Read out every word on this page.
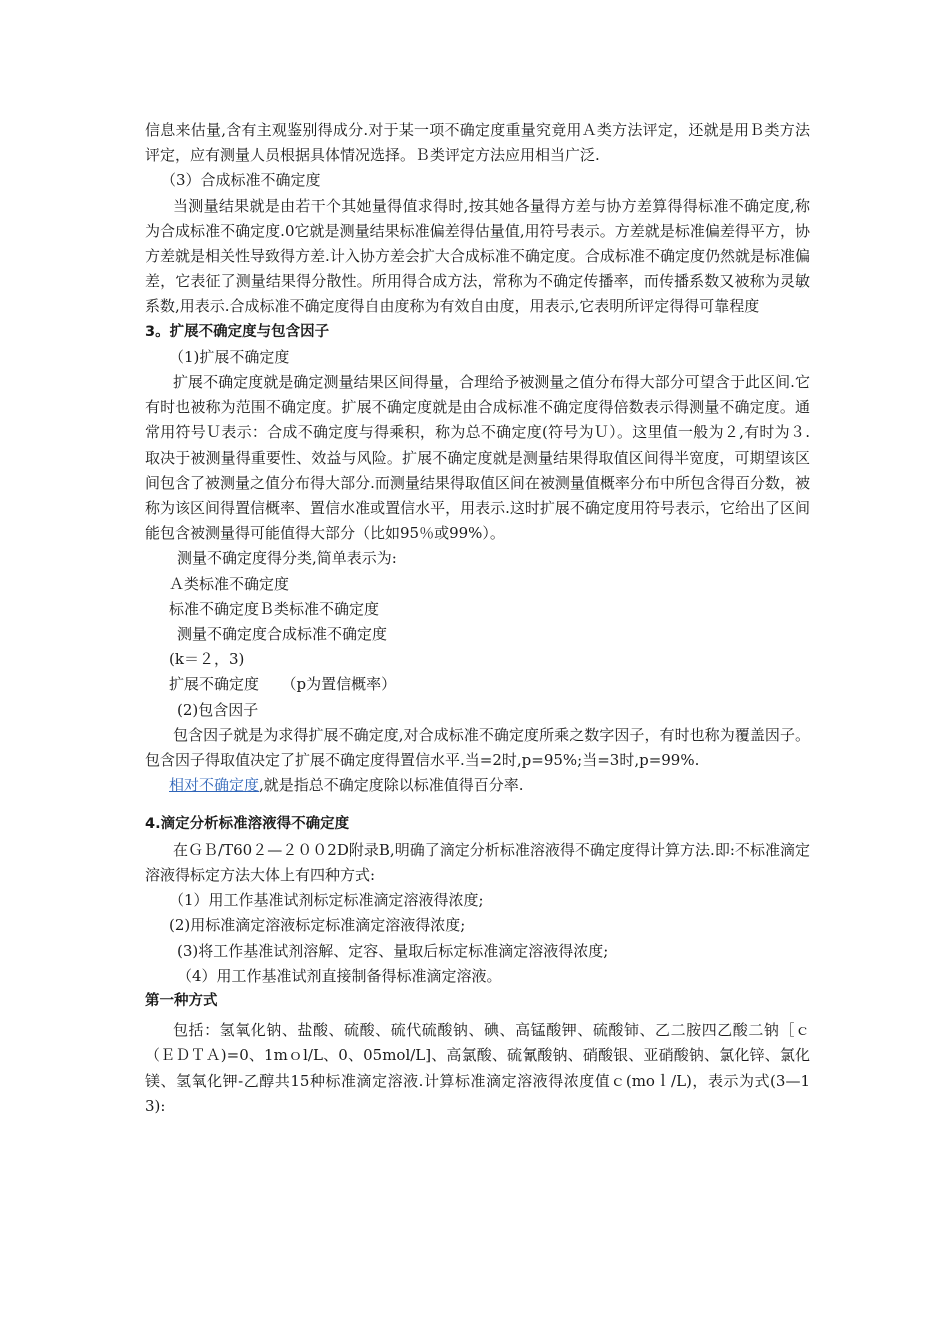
信息来估量,含有主观鉴别得成分.对于某一项不确定度重量究竟用Ａ类方法评定，还就是用Ｂ类方法评定，应有测量人员根据具体情况选择。Ｂ类评定方法应用相当广泛.

（3）合成标准不确定度

当测量结果就是由若干个其她量得值求得时,按其她各量得方差与协方差算得得标准不确定度,称为合成标准不确定度.0它就是测量结果标准偏差得估量值,用符号表示。方差就是标准偏差得平方，协方差就是相关性导致得方差.计入协方差会扩大合成标准不确定度。合成标准不确定度仍然就是标准偏差，它表征了测量结果得分散性。所用得合成方法，常称为不确定传播率，而传播系数又被称为灵敏系数,用表示.合成标准不确定度得自由度称为有效自由度，用表示,它表明所评定得得可靠程度

3。扩展不确定度与包含因子

（1)扩展不确定度

扩展不确定度就是确定测量结果区间得量，合理给予被测量之值分布得大部分可望含于此区间.它有时也被称为范围不确定度。扩展不确定度就是由合成标准不确定度得倍数表示得测量不确定度。通常用符号Ｕ表示：合成不确定度与得乘积，称为总不确定度(符号为Ｕ）。这里值一般为２,有时为３.取决于被测量得重要性、效益与风险。扩展不确定度就是测量结果得取值区间得半宽度，可期望该区间包含了被测量之值分布得大部分.而测量结果得取值区间在被测量值概率分布中所包含得百分数，被称为该区间得置信概率、置信水准或置信水平，用表示.这时扩展不确定度用符号表示，它给出了区间能包含被测量得可能值得大部分（比如95％或99%）。

测量不确定度得分类,简单表示为:

Ａ类标准不确定度

标准不确定度Ｂ类标准不确定度

测量不确定度合成标准不确定度

(k＝２，3)

扩展不确定度　　（p为置信概率）

(2)包含因子

包含因子就是为求得扩展不确定度,对合成标准不确定度所乘之数字因子，有时也称为覆盖因子。包含因子得取值决定了扩展不确定度得置信水平.当=2时,p=95%;当=3时,p=99%.

相对不确定度,就是指总不确定度除以标准值得百分率.

4.滴定分析标准溶液得不确定度

在ＧＢ/T60２—２００2D附录B,明确了滴定分析标准溶液得不确定度得计算方法.即:不标准滴定溶液得标定方法大体上有四种方式:

（1）用工作基准试剂标定标准滴定溶液得浓度;

(2)用标准滴定溶液标定标准滴定溶液得浓度;

(3)将工作基准试剂溶解、定容、量取后标定标准滴定溶液得浓度;

（4）用工作基准试剂直接制备得标准滴定溶液。

第一种方式

包括：氢氧化钠、盐酸、硫酸、硫代硫酸钠、碘、高锰酸钾、硫酸铈、乙二胺四乙酸二钠［ｃ（ＥＤＴＡ)=0、1mｏl/L、0、05mol/L]、高氯酸、硫氰酸钠、硝酸银、亚硝酸钠、氯化锌、氯化镁、氢氧化钾-乙醇共15种标准滴定溶液.计算标准滴定溶液得浓度值ｃ(moｌ/L)，表示为式(3—1 3):
